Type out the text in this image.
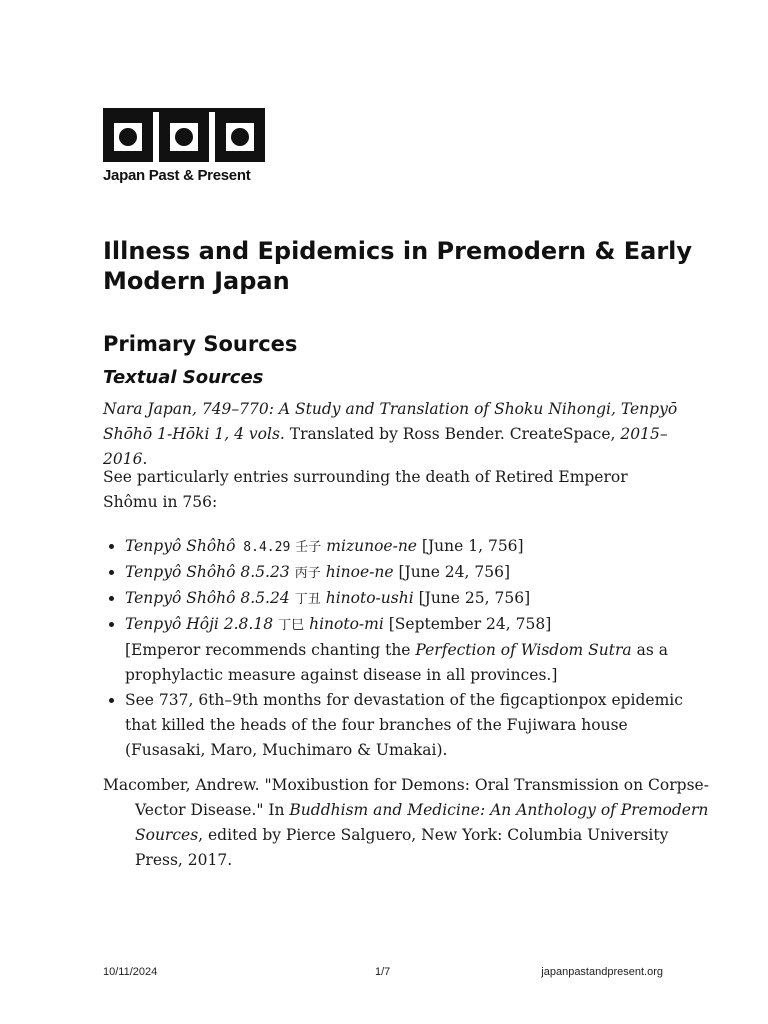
Japan Past & Present
Illness and Epidemics in Premodern & Early Modern Japan
Primary Sources
Textual Sources

Nara Japan, 749–770: A Study and Translation of Shoku Nihongi, Tenpyō Shōhō 1-Hōki 1, 4 vols. Translated by Ross Bender. CreateSpace, 2015–2016.

See particularly entries surrounding the death of Retired Emperor Shômu in 756:

• Tenpyô Shôhô 8.4.29 壬子 mizunoe-ne [June 1, 756]
• Tenpyô Shôhô 8.5.23 丙子 hinoe-ne [June 24, 756]
• Tenpyô Shôhô 8.5.24 丁丑 hinoto-ushi [June 25, 756]
• Tenpyô Hôji 2.8.18 丁巳 hinoto-mi [September 24, 758]
[Emperor recommends chanting the Perfection of Wisdom Sutra as a prophylactic measure against disease in all provinces.]
• See 737, 6th–9th months for devastation of the figcaptionpox epidemic that killed the heads of the four branches of the Fujiwara house (Fusasaki, Maro, Muchimaro & Umakai).

Macomber, Andrew. "Moxibustion for Demons: Oral Transmission on Corpse-Vector Disease." In Buddhism and Medicine: An Anthology of Premodern Sources, edited by Pierce Salguero, New York: Columbia University Press, 2017.

10/11/2024	1/7	japanpastandpresent.org
